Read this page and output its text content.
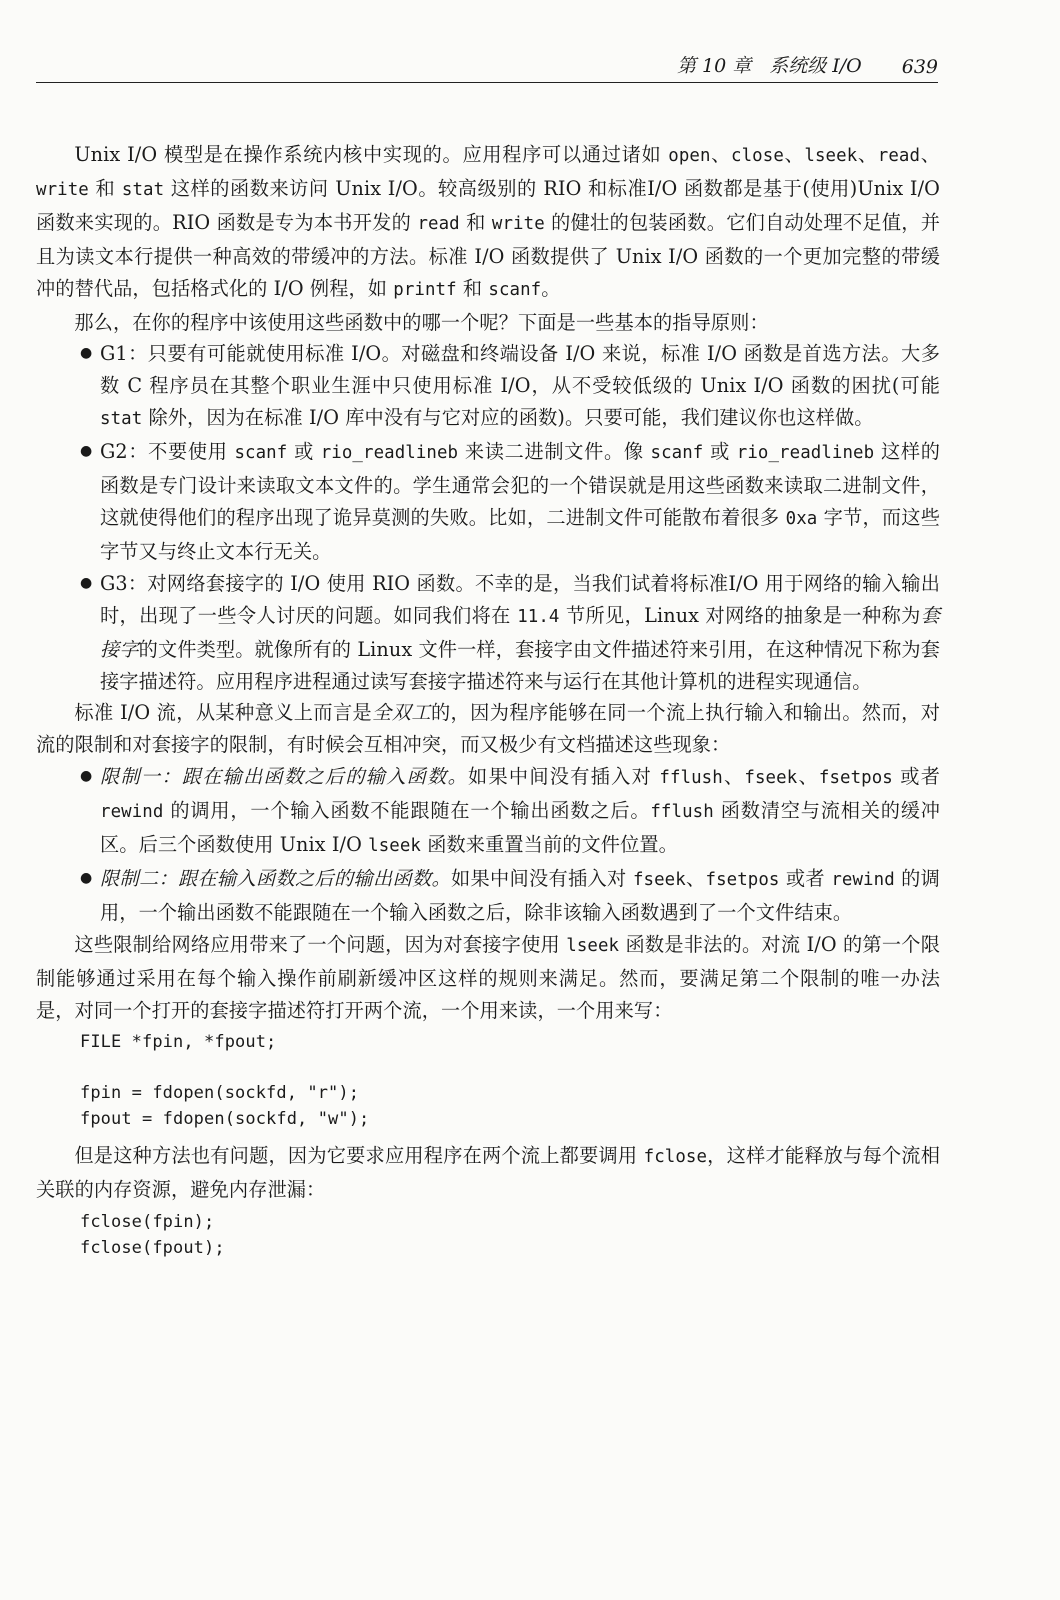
第 10 章 系统级 I/O 639

Unix I/O 模型是在操作系统内核中实现的。应用程序可以通过诸如 open、close、lseek、read、write 和 stat 这样的函数来访问 Unix I/O。较高级别的 RIO 和标准I/O 函数都是基于(使用)Unix I/O 函数来实现的。RIO 函数是专为本书开发的 read 和 write 的健壮的包装函数。它们自动处理不足值，并且为读文本行提供一种高效的带缓冲的方法。标准 I/O 函数提供了 Unix I/O 函数的一个更加完整的带缓冲的替代品，包括格式化的 I/O 例程，如 printf 和 scanf。

那么，在你的程序中该使用这些函数中的哪一个呢？下面是一些基本的指导原则：

● G1：只要有可能就使用标准 I/O。对磁盘和终端设备 I/O 来说，标准 I/O 函数是首选方法。大多数 C 程序员在其整个职业生涯中只使用标准 I/O，从不受较低级的 Unix I/O 函数的困扰(可能 stat 除外，因为在标准 I/O 库中没有与它对应的函数)。只要可能，我们建议你也这样做。
● G2：不要使用 scanf 或 rio_readlineb 来读二进制文件。像 scanf 或 rio_readlineb 这样的函数是专门设计来读取文本文件的。学生通常会犯的一个错误就是用这些函数来读取二进制文件，这就使得他们的程序出现了诡异莫测的失败。比如，二进制文件可能散布着很多 0xa 字节，而这些字节又与终止文本行无关。
● G3：对网络套接字的 I/O 使用 RIO 函数。不幸的是，当我们试着将标准I/O 用于网络的输入输出时，出现了一些令人讨厌的问题。如同我们将在 11.4 节所见，Linux 对网络的抽象是一种称为套接字的文件类型。就像所有的 Linux 文件一样，套接字由文件描述符来引用，在这种情况下称为套接字描述符。应用程序进程通过读写套接字描述符来与运行在其他计算机的进程实现通信。

标准 I/O 流，从某种意义上而言是全双工的，因为程序能够在同一个流上执行输入和输出。然而，对流的限制和对套接字的限制，有时候会互相冲突，而又极少有文档描述这些现象：

● 限制一：跟在输出函数之后的输入函数。如果中间没有插入对 fflush、fseek、fsetpos 或者 rewind 的调用，一个输入函数不能跟随在一个输出函数之后。fflush 函数清空与流相关的缓冲区。后三个函数使用 Unix I/O lseek 函数来重置当前的文件位置。
● 限制二：跟在输入函数之后的输出函数。如果中间没有插入对 fseek、fsetpos 或者 rewind 的调用，一个输出函数不能跟随在一个输入函数之后，除非该输入函数遇到了一个文件结束。

这些限制给网络应用带来了一个问题，因为对套接字使用 lseek 函数是非法的。对流 I/O 的第一个限制能够通过采用在每个输入操作前刷新缓冲区这样的规则来满足。然而，要满足第二个限制的唯一办法是，对同一个打开的套接字描述符打开两个流，一个用来读，一个用来写：

FILE *fpin, *fpout;

fpin = fdopen(sockfd, "r");
fpout = fdopen(sockfd, "w");

但是这种方法也有问题，因为它要求应用程序在两个流上都要调用 fclose，这样才能释放与每个流相关联的内存资源，避免内存泄漏：

fclose(fpin);
fclose(fpout);
